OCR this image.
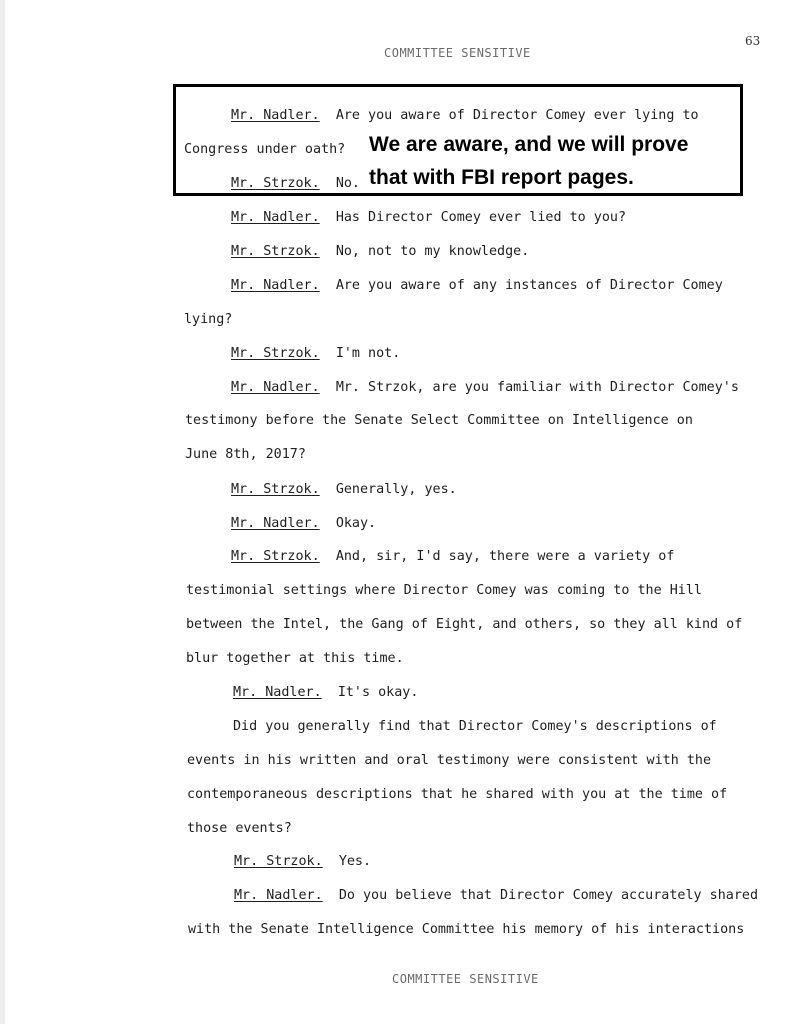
COMMITTEE SENSITIVE
63
Mr. Nadler. Are you aware of Director Comey ever lying to
Congress under oath?
Mr. Strzok. No.
Mr. Nadler. Has Director Comey ever lied to you?
Mr. Strzok. No, not to my knowledge.
Mr. Nadler. Are you aware of any instances of Director Comey
lying?
Mr. Strzok. I'm not.
Mr. Nadler. Mr. Strzok, are you familiar with Director Comey's
testimony before the Senate Select Committee on Intelligence on
June 8th, 2017?
Mr. Strzok. Generally, yes.
Mr. Nadler. Okay.
Mr. Strzok. And, sir, I'd say, there were a variety of
testimonial settings where Director Comey was coming to the Hill
between the Intel, the Gang of Eight, and others, so they all kind of
blur together at this time.
Mr. Nadler. It's okay.
Did you generally find that Director Comey's descriptions of
events in his written and oral testimony were consistent with the
contemporaneous descriptions that he shared with you at the time of
those events?
Mr. Strzok. Yes.
Mr. Nadler. Do you believe that Director Comey accurately shared
with the Senate Intelligence Committee his memory of his interactions
We are aware, and we will prove
that with FBI report pages.
COMMITTEE SENSITIVE
